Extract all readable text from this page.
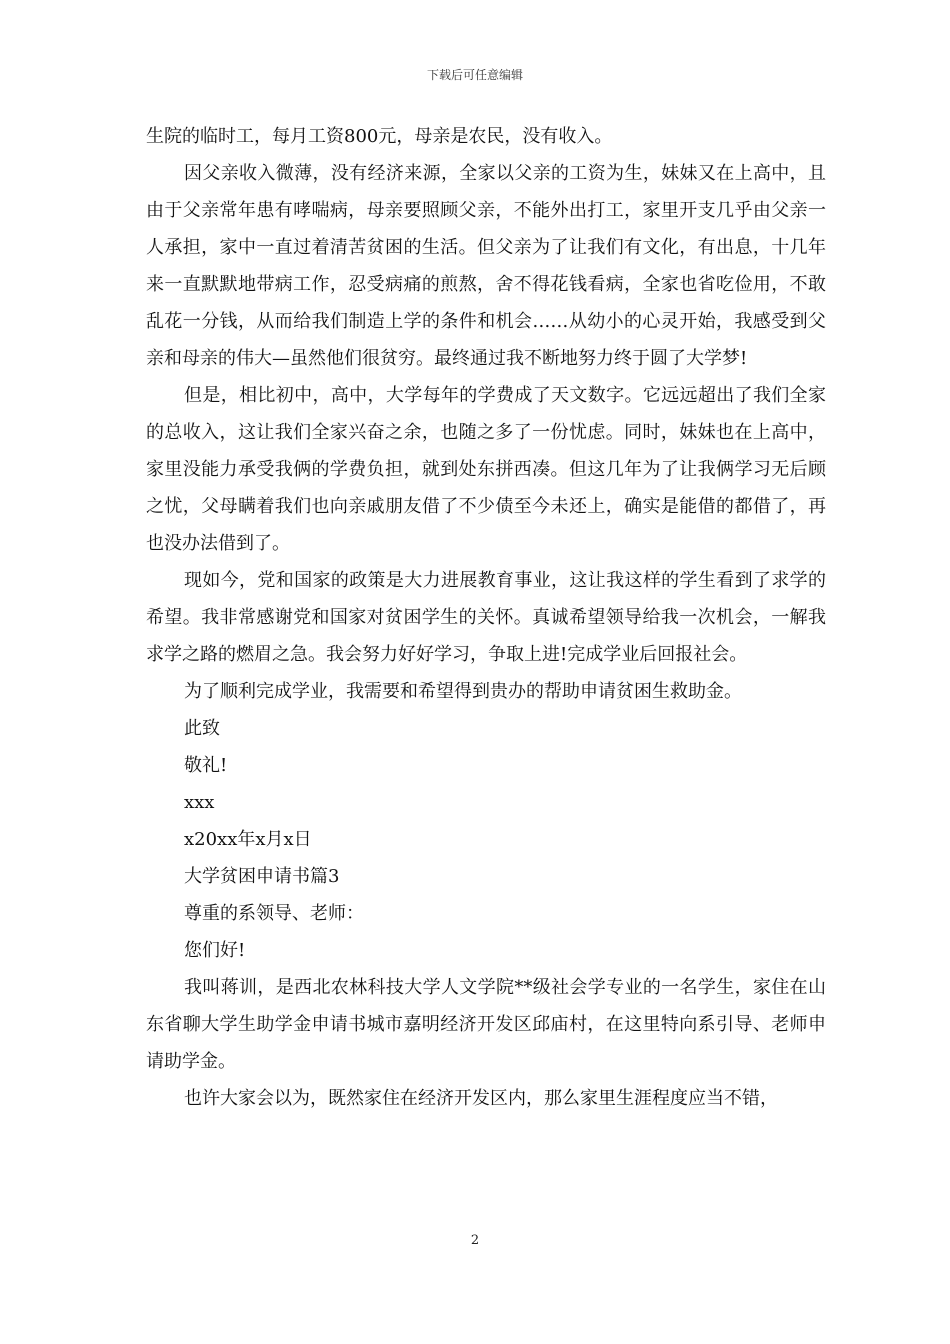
下载后可任意编辑

生院的临时工，每月工资800元，母亲是农民，没有收入。

因父亲收入微薄，没有经济来源，全家以父亲的工资为生，妹妹又在上高中，且由于父亲常年患有哮喘病，母亲要照顾父亲，不能外出打工，家里开支几乎由父亲一人承担，家中一直过着清苦贫困的生活。但父亲为了让我们有文化，有出息，十几年来一直默默地带病工作，忍受病痛的煎熬，舍不得花钱看病，全家也省吃俭用，不敢乱花一分钱，从而给我们制造上学的条件和机会……从幼小的心灵开始，我感受到父亲和母亲的伟大—虽然他们很贫穷。最终通过我不断地努力终于圆了大学梦!

但是，相比初中，高中，大学每年的学费成了天文数字。它远远超出了我们全家的总收入，这让我们全家兴奋之余，也随之多了一份忧虑。同时，妹妹也在上高中，家里没能力承受我俩的学费负担，就到处东拼西凑。但这几年为了让我俩学习无后顾之忧，父母瞒着我们也向亲戚朋友借了不少债至今未还上，确实是能借的都借了，再也没办法借到了。

现如今，党和国家的政策是大力进展教育事业，这让我这样的学生看到了求学的希望。我非常感谢党和国家对贫困学生的关怀。真诚希望领导给我一次机会，一解我求学之路的燃眉之急。我会努力好好学习，争取上进!完成学业后回报社会。

为了顺利完成学业，我需要和希望得到贵办的帮助申请贫困生救助金。

此致

敬礼!

xxx

x20xx年x月x日

大学贫困申请书篇3

尊重的系领导、老师：

您们好!

我叫蒋训，是西北农林科技大学人文学院**级社会学专业的一名学生，家住在山东省聊大学生助学金申请书城市嘉明经济开发区邱庙村，在这里特向系引导、老师申请助学金。

也许大家会以为，既然家住在经济开发区内，那么家里生涯程度应当不错，

2
